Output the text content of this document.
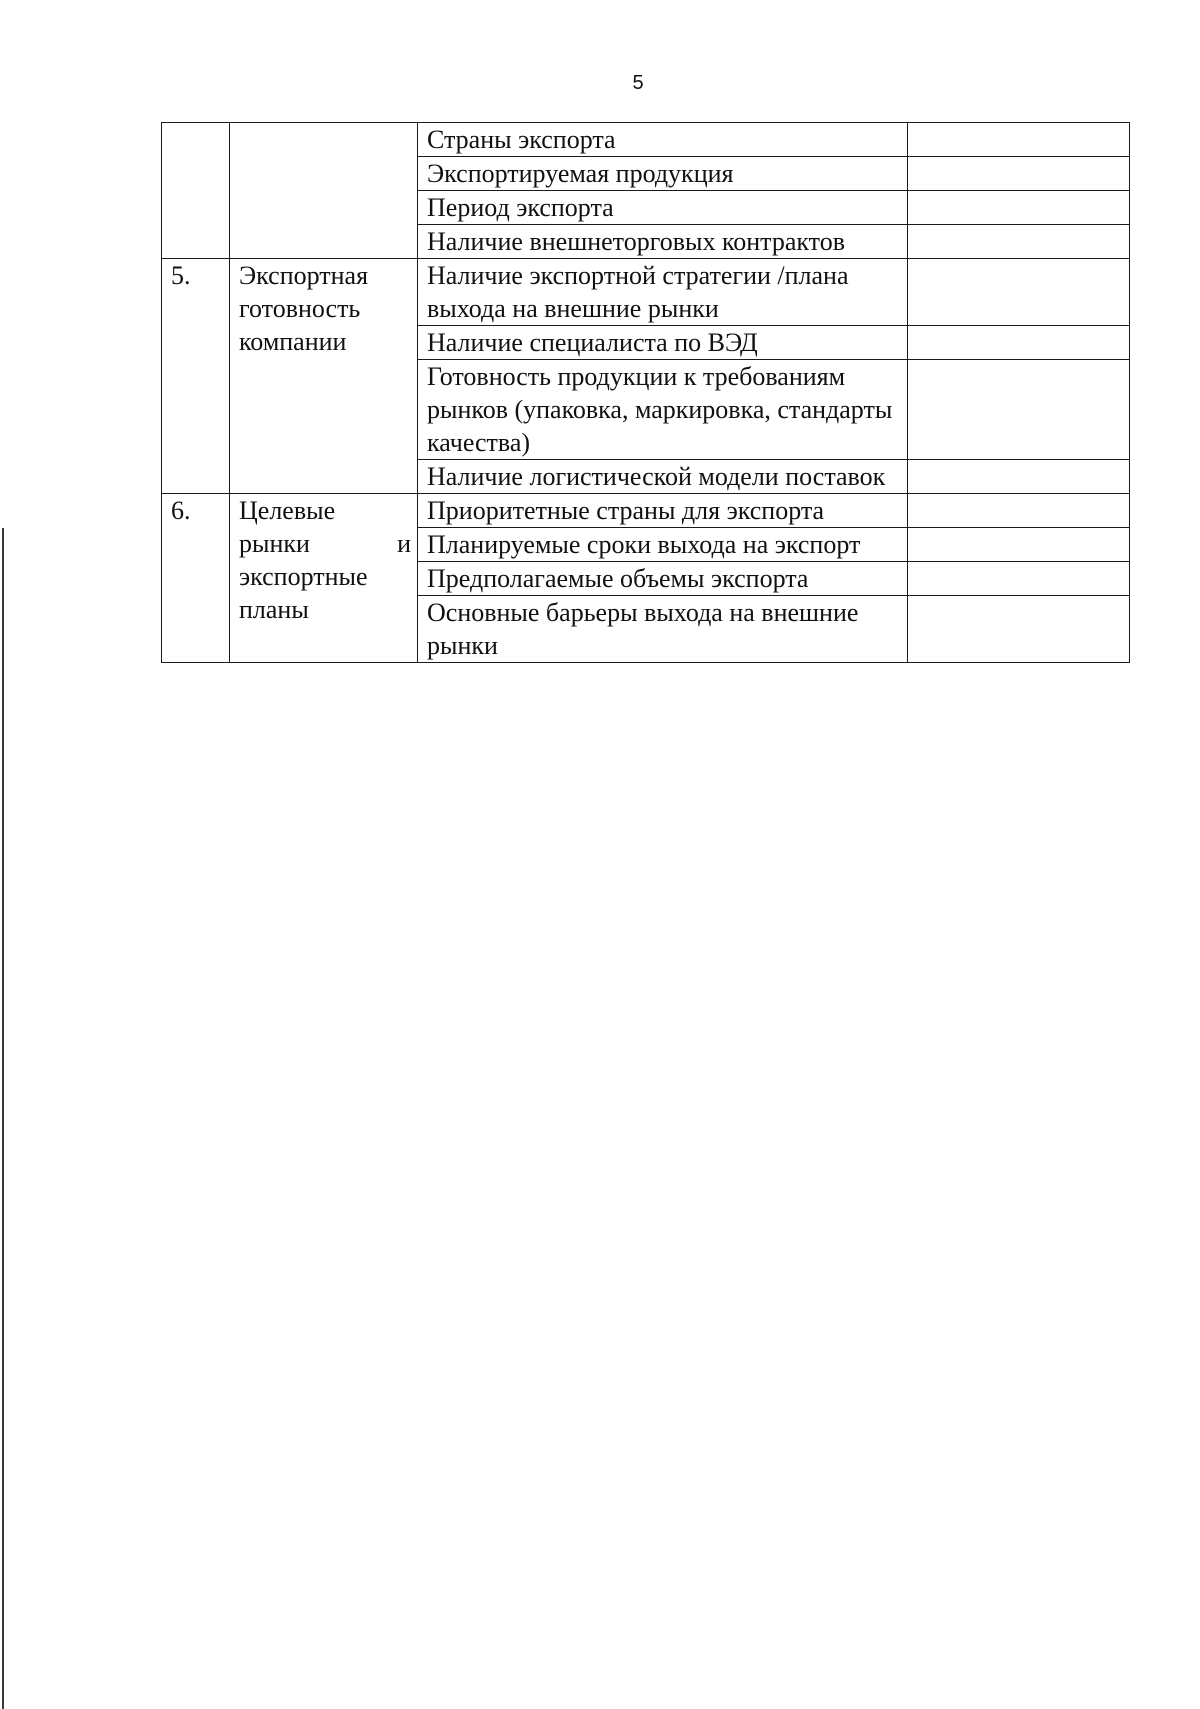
5
		Страны экспорта	
		Экспортируемая продукция	
		Период экспорта	
		Наличие внешнеторговых контрактов	
5.	Экспортная
готовность
компании	Наличие экспортной стратегии /плана выхода на внешние рынки	
		Наличие специалиста по ВЭД	
		Готовность продукции к требованиям рынков (упаковка, маркировка, стандарты качества)	
		Наличие логистической модели поставок	
6.	Целевые
рынки и
экспортные
планы	Приоритетные страны для экспорта	
		Планируемые сроки выхода на экспорт	
		Предполагаемые объемы экспорта	
		Основные барьеры выхода на внешние рынки	
